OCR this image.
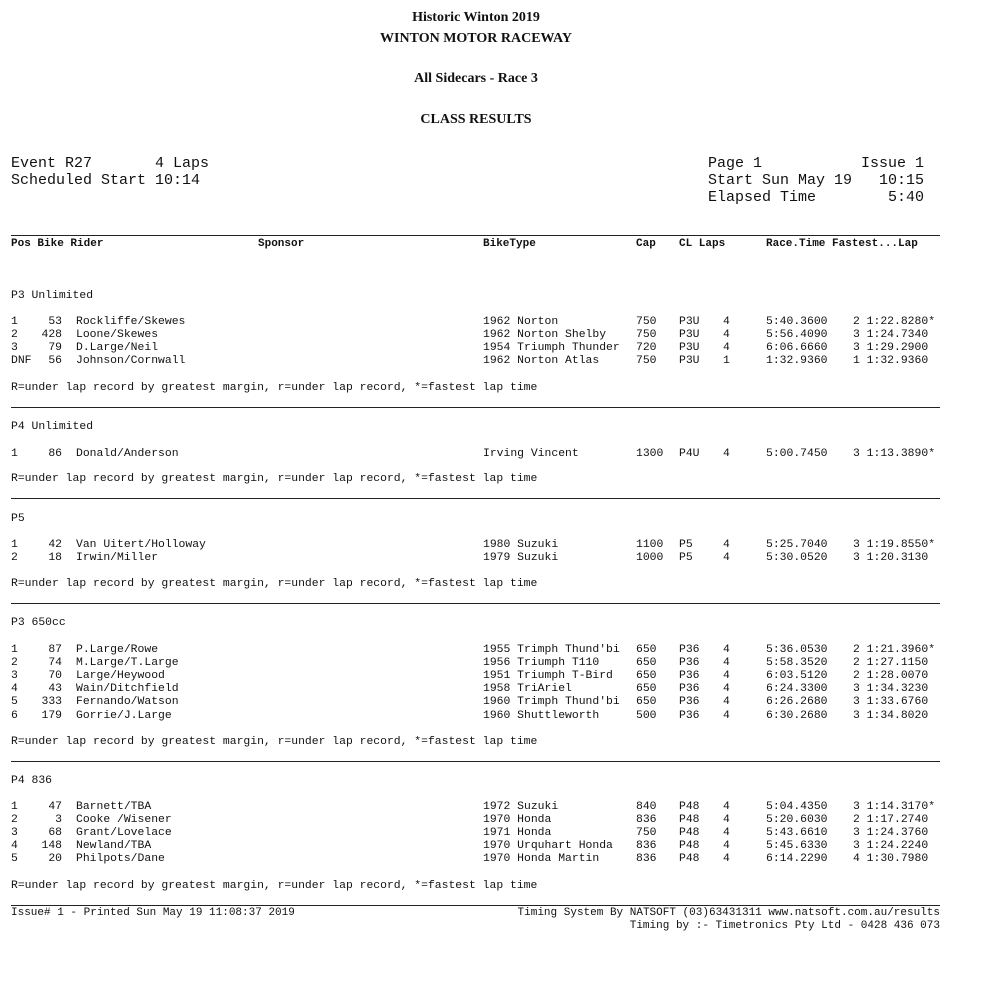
Historic Winton 2019
WINTON MOTOR RACEWAY
All Sidecars - Race 3
CLASS RESULTS
Event R27       4 Laps
Scheduled Start 10:14
Page 1           Issue 1
Start Sun May 19   10:15
Elapsed Time        5:40
Pos Bike Rider	Sponsor	BikeType	Cap CL Laps	Race.Time Fastest...Lap
P3 Unlimited
1	53 Rockliffe/Skewes	1962 Norton	750 P3U 4	5:40.3600 2 1:22.8280*
2 428 Loone/Skewes	1962 Norton Shelby	750 P3U 4	5:56.4090 3 1:24.7340
3	79 D.Large/Neil	1954 Triumph Thunder 720 P3U 4	6:06.6660 3 1:29.2900
DNF	56 Johnson/Cornwall	1962 Norton Atlas	750 P3U 1	1:32.9360 1 1:32.9360
R=under lap record by greatest margin, r=under lap record, *=fastest lap time
P4 Unlimited
1	86 Donald/Anderson	Irving Vincent	1300 P4U 4	5:00.7450 3 1:13.3890*
R=under lap record by greatest margin, r=under lap record, *=fastest lap time
P5
1	42 Van Uitert/Holloway	1980 Suzuki	1100 P5	4	5:25.7040 3 1:19.8550*
2	18 Irwin/Miller	1979 Suzuki	1000 P5	4	5:30.0520 3 1:20.3130
R=under lap record by greatest margin, r=under lap record, *=fastest lap time
P3 650cc
1	87 P.Large/Rowe	1955 Trimph Thund'bi 650 P36 4	5:36.0530 2 1:21.3960*
2	74 M.Large/T.Large	1956 Triumph T110	650 P36 4	5:58.3520 2 1:27.1150
3	70 Large/Heywood	1951 Triumph T-Bird 650 P36 4	6:03.5120 2 1:28.0070
4	43 Wain/Ditchfield	1958 TriAriel	650 P36 4	6:24.3300 3 1:34.3230
5 333 Fernando/Watson	1960 Trimph Thund'bi 650 P36 4	6:26.2680 3 1:33.6760
6 179 Gorrie/J.Large	1960 Shuttleworth	500 P36 4	6:30.2680 3 1:34.8020
R=under lap record by greatest margin, r=under lap record, *=fastest lap time
P4 836
1	47 Barnett/TBA	1972 Suzuki	840 P48 4	5:04.4350 3 1:14.3170*
2	3 Cooke /Wisener	1970 Honda	836 P48 4	5:20.6030 2 1:17.2740
3	68 Grant/Lovelace	1971 Honda	750 P48 4	5:43.6610 3 1:24.3760
4 148 Newland/TBA	1970 Urquhart Honda 836 P48 4	5:45.6330 3 1:24.2240
5	20 Philpots/Dane	1970 Honda Martin	836 P48 4	6:14.2290 4 1:30.7980
R=under lap record by greatest margin, r=under lap record, *=fastest lap time
Issue# 1 - Printed Sun May 19 11:08:37 2019	Timing System By NATSOFT (03)63431311 www.natsoft.com.au/results
Timing by :- Timetronics Pty Ltd - 0428 436 073
